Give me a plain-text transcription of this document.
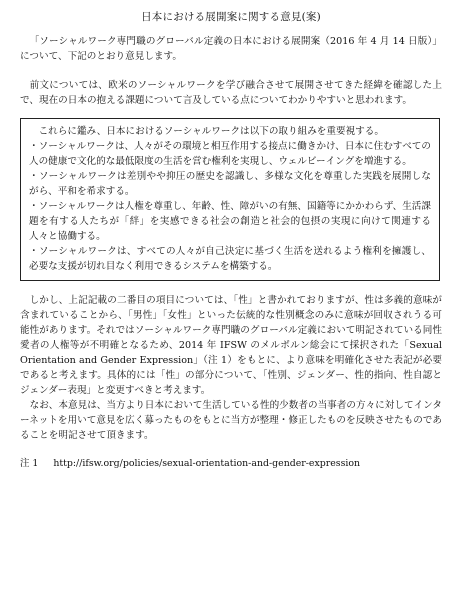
日本における展開案に関する意見(案)

「ソーシャルワーク専門職のグローバル定義の日本における展開案（2016 年 4 月 14 日版）」について、下記のとおり意見します。

前文については、欧米のソーシャルワークを学び融合させて展開させてきた経緯を確認した上で、現在の日本の抱える課題について言及している点についてわかりやすいと思われます。

これらに鑑み、日本におけるソーシャルワークは以下の取り組みを重要視する。

・ソーシャルワークは、人々がその環境と相互作用する接点に働きかけ、日本に住むすべての人の健康で文化的な最低限度の生活を営む権利を実現し、ウェルビーイングを増進する。

・ソーシャルワークは差別やや抑圧の歴史を認識し、多様な文化を尊重した実践を展開しながら、平和を希求する。

・ソーシャルワークは人権を尊重し、年齢、性、障がいの有無、国籍等にかかわらず、生活課題を有する人たちが「絆」を実感できる社会の創造と社会的包摂の実現に向けて関連する人々と協働する。

・ソーシャルワークは、すべての人々が自己決定に基づく生活を送れるよう権利を擁護し、必要な支援が切れ目なく利用できるシステムを構築する。

しかし、上記記載の二番目の項目については、「性」と書かれておりますが、性は多義的意味が含まれていることから、「男性」「女性」といった伝統的な性別概念のみに意味が回収されうる可能性があります。それではソーシャルワーク専門職のグローバル定義において明記されている同性愛者の人権等が不明確となるため、2014 年 IFSW のメルボルン総会にて採択された「Sexual Orientation and Gender Expression」（注 1）をもとに、より意味を明確化させた表記が必要であると考えます。具体的には「性」の部分について、「性別、ジェンダー、性的指向、性自認とジェンダー表現」と変更すべきと考えます。

なお、本意見は、当方より日本において生活している性的少数者の当事者の方々に対してインターネットを用いて意見を広く募ったものをもとに当方が整理・修正したものを反映させたものであることを明記させて頂きます。

注 1 http://ifsw.org/policies/sexual-orientation-and-gender-expression
